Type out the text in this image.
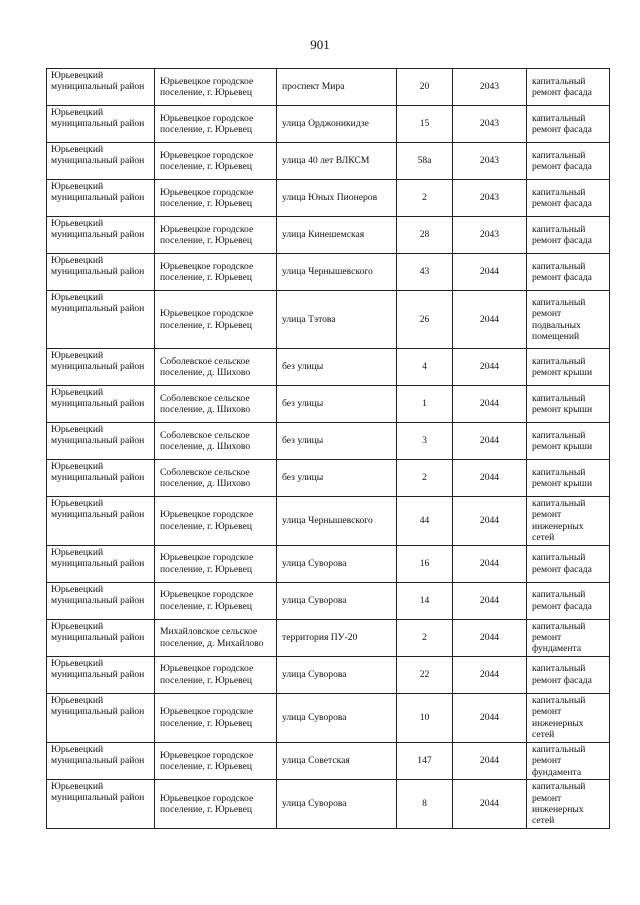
901
Юрьевецкий муниципальный район	Юрьевецкое городское поселение, г. Юрьевец	проспект Мира	20	2043	капитальный ремонт фасада
Юрьевецкий муниципальный район	Юрьевецкое городское поселение, г. Юрьевец	улица Орджоникидзе	15	2043	капитальный ремонт фасада
Юрьевецкий муниципальный район	Юрьевецкое городское поселение, г. Юрьевец	улица 40 лет ВЛКСМ	58а	2043	капитальный ремонт фасада
Юрьевецкий муниципальный район	Юрьевецкое городское поселение, г. Юрьевец	улица Юных Пионеров	2	2043	капитальный ремонт фасада
Юрьевецкий муниципальный район	Юрьевецкое городское поселение, г. Юрьевец	улица Кинешемская	28	2043	капитальный ремонт фасада
Юрьевецкий муниципальный район	Юрьевецкое городское поселение, г. Юрьевец	улица Чернышевского	43	2044	капитальный ремонт фасада
Юрьевецкий муниципальный район	Юрьевецкое городское поселение, г. Юрьевец	улица Тэтова	26	2044	капитальный ремонт подвальных помещений
Юрьевецкий муниципальный район	Соболевское сельское поселение, д. Шихово	без улицы	4	2044	капитальный ремонт крыши
Юрьевецкий муниципальный район	Соболевское сельское поселение, д. Шихово	без улицы	1	2044	капитальный ремонт крыши
Юрьевецкий муниципальный район	Соболевское сельское поселение, д. Шихово	без улицы	3	2044	капитальный ремонт крыши
Юрьевецкий муниципальный район	Соболевское сельское поселение, д. Шихово	без улицы	2	2044	капитальный ремонт крыши
Юрьевецкий муниципальный район	Юрьевецкое городское поселение, г. Юрьевец	улица Чернышевского	44	2044	капитальный ремонт инженерных сетей
Юрьевецкий муниципальный район	Юрьевецкое городское поселение, г. Юрьевец	улица Суворова	16	2044	капитальный ремонт фасада
Юрьевецкий муниципальный район	Юрьевецкое городское поселение, г. Юрьевец	улица Суворова	14	2044	капитальный ремонт фасада
Юрьевецкий муниципальный район	Михайловское сельское поселение, д. Михайлово	территория ПУ-20	2	2044	капитальный ремонт фундамента
Юрьевецкий муниципальный район	Юрьевецкое городское поселение, г. Юрьевец	улица Суворова	22	2044	капитальный ремонт фасада
Юрьевецкий муниципальный район	Юрьевецкое городское поселение, г. Юрьевец	улица Суворова	10	2044	капитальный ремонт инженерных сетей
Юрьевецкий муниципальный район	Юрьевецкое городское поселение, г. Юрьевец	улица Советская	147	2044	капитальный ремонт фундамента
Юрьевецкий муниципальный район	Юрьевецкое городское поселение, г. Юрьевец	улица Суворова	8	2044	капитальный ремонт инженерных сетей
